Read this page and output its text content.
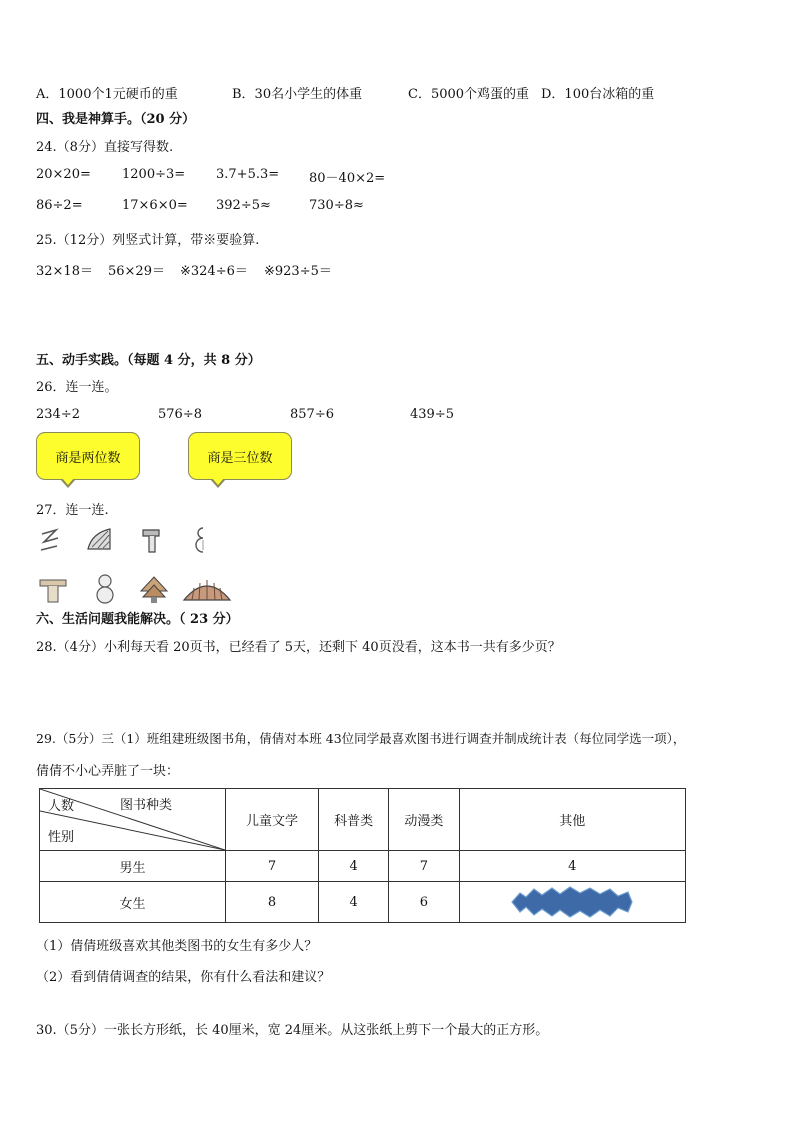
A．1000个1元硬币的重	B．30名小学生的体重	C．5000个鸡蛋的重 D．100台冰箱的重
四、我是神算手。（20 分）
24.（8分）直接写得数.
20×20= 1200÷3= 3.7+5.3= 80－40×2=
86÷2=	17×6×0= 392÷5≈	730÷8≈
25.（12分）列竖式计算，带※要验算.
32×18＝ 56×29＝ ※324÷6＝ ※923÷5＝
五、动手实践。（每题 4 分，共 8 分）
26．连一连。
234÷2	576÷8	857÷6	439÷5
商是两位数	商是三位数
27．连一连.
六、生活问题我能解决。（ 23 分）
28.（4分）小利每天看 20页书，已经看了 5天，还剩下 40页没看，这本书一共有多少页？
29.（5分）三（1）班组建班级图书角，倩倩对本班 43位同学最喜欢图书进行调查并制成统计表（每位同学选一项），
倩倩不小心弄脏了一块：
人数 图书种类
性别	儿童文学	科普类	动漫类	其他
男生	7	4	7	4
女生	8	4	6	
（1）倩倩班级喜欢其他类图书的女生有多少人？
（2）看到倩倩调查的结果，你有什么看法和建议？
30.（5分）一张长方形纸，长 40厘米，宽 24厘米。从这张纸上剪下一个最大的正方形。
